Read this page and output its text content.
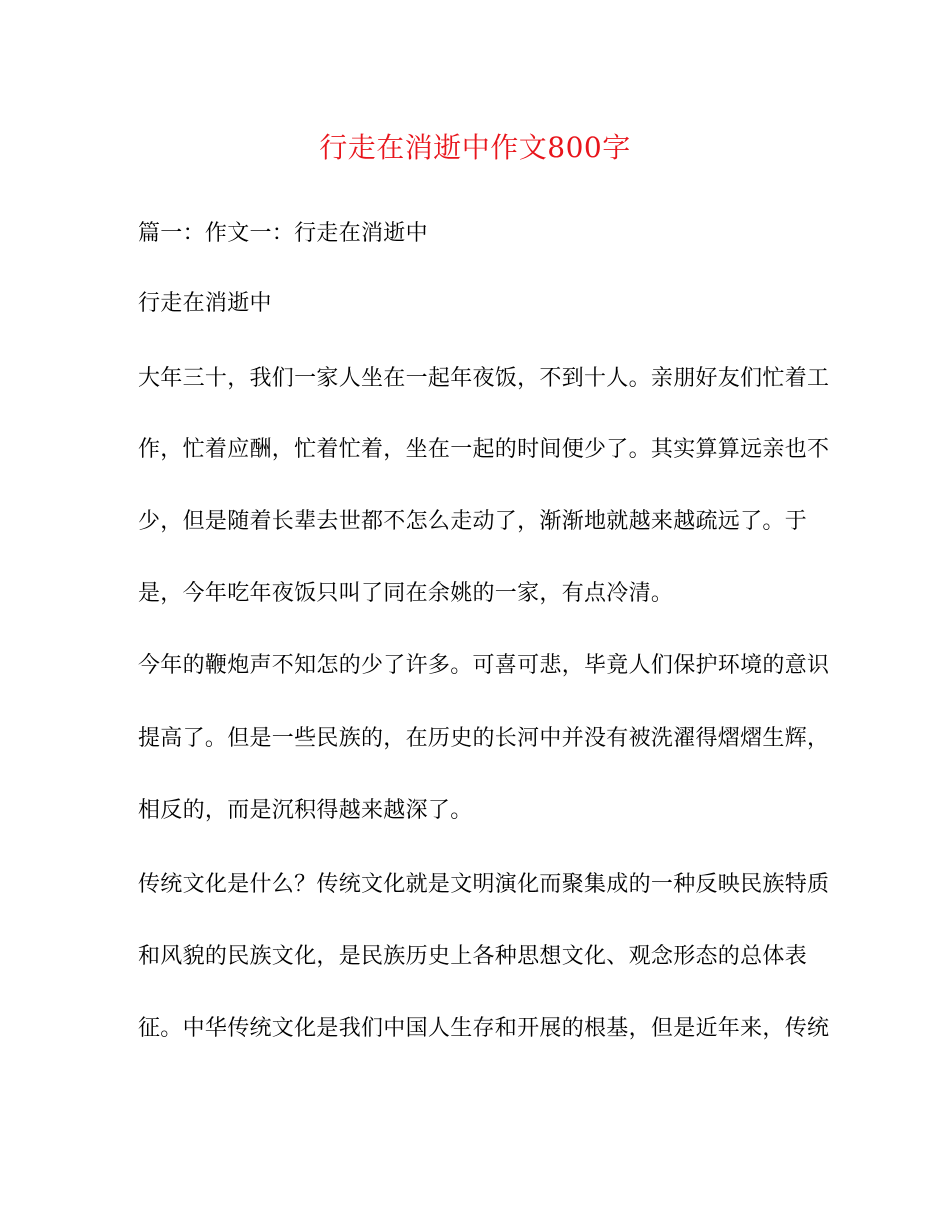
行走在消逝中作文800字
篇一：作文一：行走在消逝中
行走在消逝中
大年三十，我们一家人坐在一起年夜饭，不到十人。亲朋好友们忙着工
作，忙着应酬，忙着忙着，坐在一起的时间便少了。其实算算远亲也不
少，但是随着长辈去世都不怎么走动了，渐渐地就越来越疏远了。于
是，今年吃年夜饭只叫了同在余姚的一家，有点冷清。
今年的鞭炮声不知怎的少了许多。可喜可悲，毕竟人们保护环境的意识
提高了。但是一些民族的，在历史的长河中并没有被洗濯得熠熠生辉，
相反的，而是沉积得越来越深了。
传统文化是什么？传统文化就是文明演化而聚集成的一种反映民族特质
和风貌的民族文化，是民族历史上各种思想文化、观念形态的总体表
征。中华传统文化是我们中国人生存和开展的根基，但是近年来，传统
